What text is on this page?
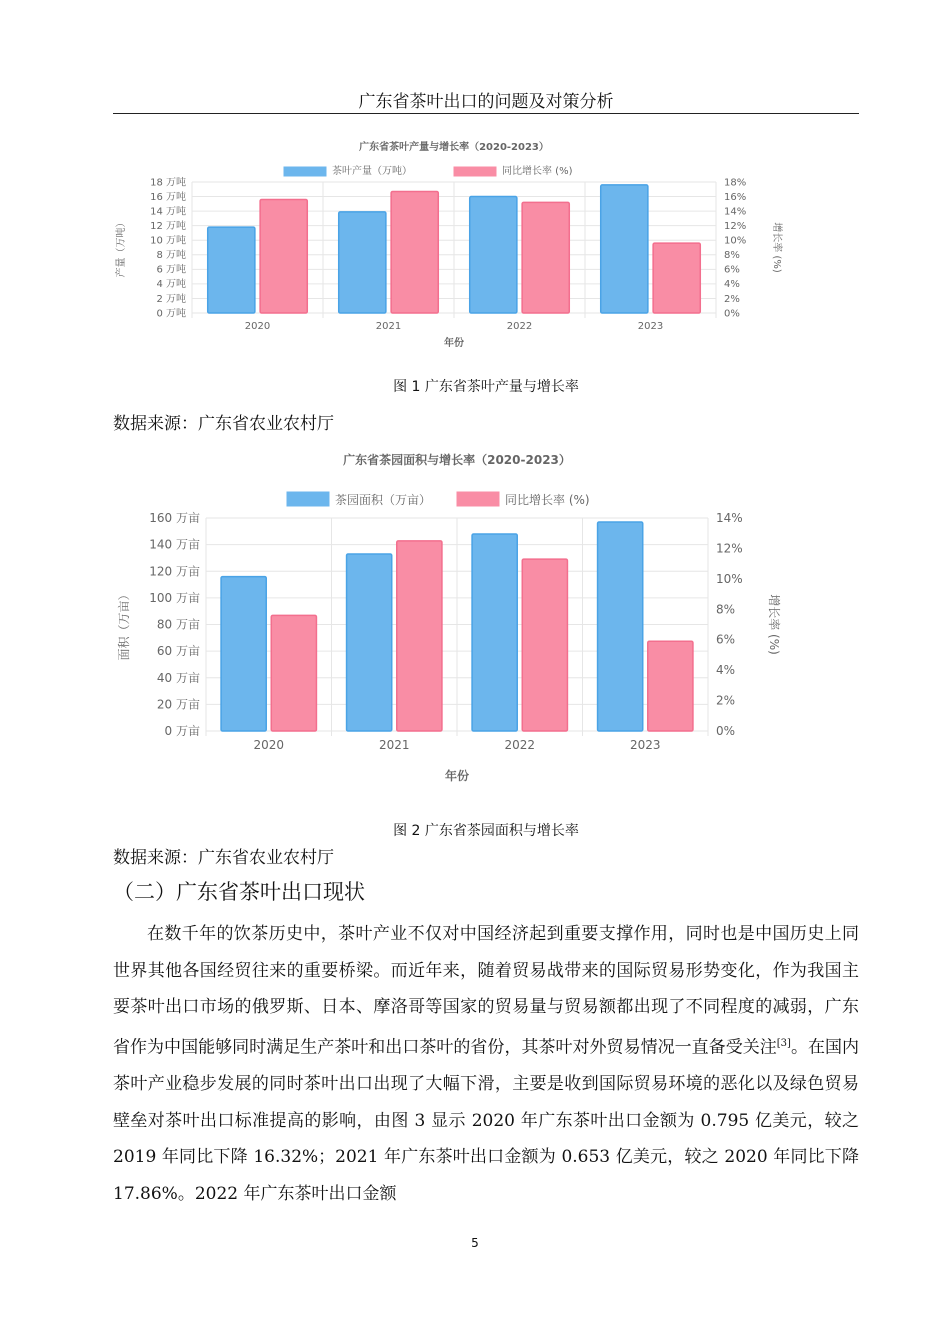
广东省茶叶出口的问题及对策分析
广东省茶叶产量与增长率（2020-2023）
茶叶产量（万吨）	同比增长率 (%)
0 万吨
2 万吨
4 万吨
6 万吨
8 万吨
10 万吨
12 万吨
14 万吨
16 万吨
18 万吨
0%
2%
4%
6%
8%
10%
12%
14%
16%
18%
2020	2021	2022	2023
年份
产量（万吨）	增长率 (%)
图 1 广东省茶叶产量与增长率
数据来源：广东省农业农村厅
广东省茶园面积与增长率（2020-2023）
茶园面积（万亩）	同比增长率 (%)
0 万亩
20 万亩
40 万亩
60 万亩
80 万亩
100 万亩
120 万亩
140 万亩
160 万亩
0%
2%
4%
6%
8%
10%
12%
14%
2020	2021	2022	2023
年份
面积（万亩）	增长率 (%)
图 2 广东省茶园面积与增长率
数据来源：广东省农业农村厅
（二）广东省茶叶出口现状

在数千年的饮茶历史中，茶叶产业不仅对中国经济起到重要支撑作用，同时也是中国历史上同世界其他各国经贸往来的重要桥梁。而近年来，随着贸易战带来的国际贸易形势变化，作为我国主要茶叶出口市场的俄罗斯、日本、摩洛哥等国家的贸易量与贸易额都出现了不同程度的减弱，广东省作为中国能够同时满足生产茶叶和出口茶叶的省份，其茶叶对外贸易情况一直备受关注[3]。在国内茶叶产业稳步发展的同时茶叶出口出现了大幅下滑，主要是收到国际贸易环境的恶化以及绿色贸易壁垒对茶叶出口标准提高的影响，由图 3 显示 2020 年广东茶叶出口金额为 0.795 亿美元，较之 2019 年同比下降 16.32%；2021 年广东茶叶出口金额为 0.653 亿美元，较之 2020 年同比下降 17.86%。2022 年广东茶叶出口金额

5
